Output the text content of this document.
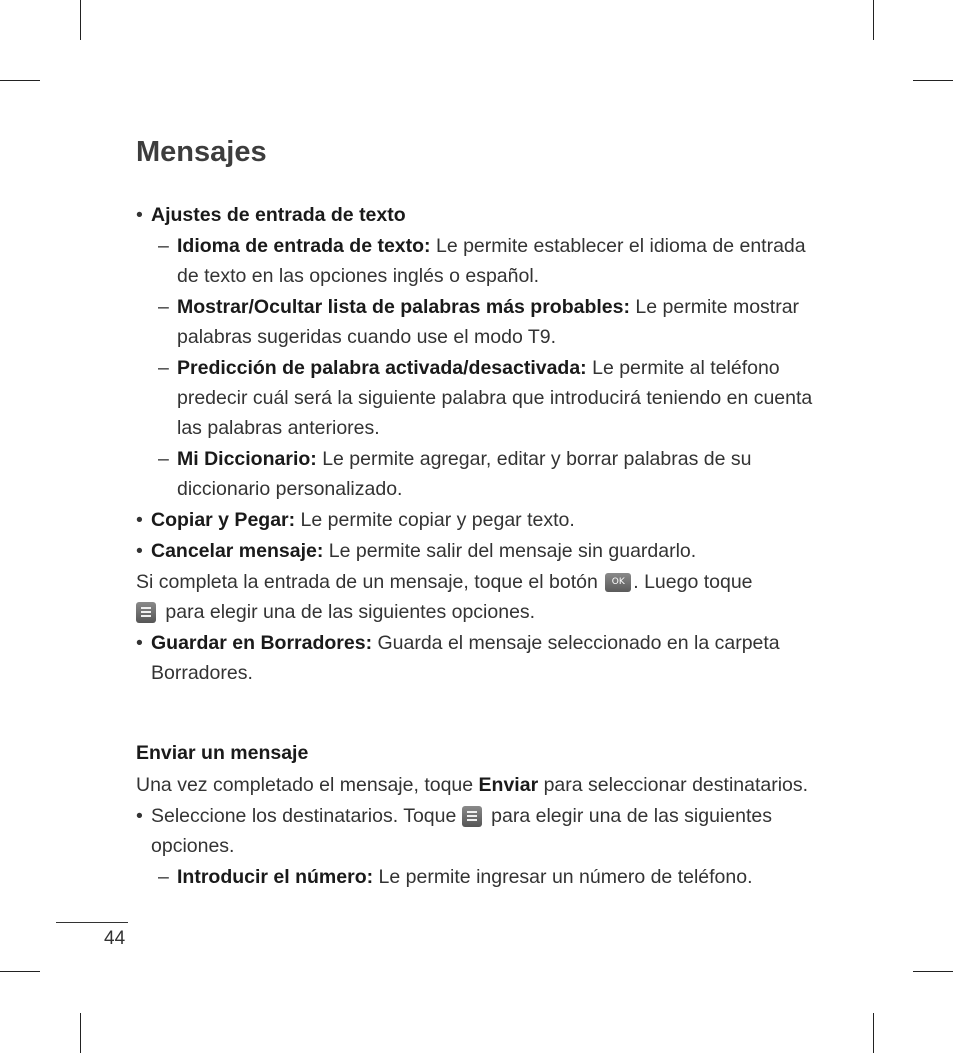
Mensajes
• Ajustes de entrada de texto
– Idioma de entrada de texto: Le permite establecer el idioma de entrada de texto en las opciones inglés o español.
– Mostrar/Ocultar lista de palabras más probables: Le permite mostrar palabras sugeridas cuando use el modo T9.
– Predicción de palabra activada/desactivada: Le permite al teléfono predecir cuál será la siguiente palabra que introducirá teniendo en cuenta las palabras anteriores.
– Mi Diccionario: Le permite agregar, editar y borrar palabras de su diccionario personalizado.
• Copiar y Pegar: Le permite copiar y pegar texto.
• Cancelar mensaje: Le permite salir del mensaje sin guardarlo.

Si completa la entrada de un mensaje, toque el botón OK . Luego toque

para elegir una de las siguientes opciones.

• Guardar en Borradores: Guarda el mensaje seleccionado en la carpeta Borradores.
Enviar un mensaje

Una vez completado el mensaje, toque Enviar para seleccionar destinatarios.

• Seleccione los destinatarios. Toque
para elegir una de las siguientes opciones.
– Introducir el número: Le permite ingresar un número de teléfono.
44
